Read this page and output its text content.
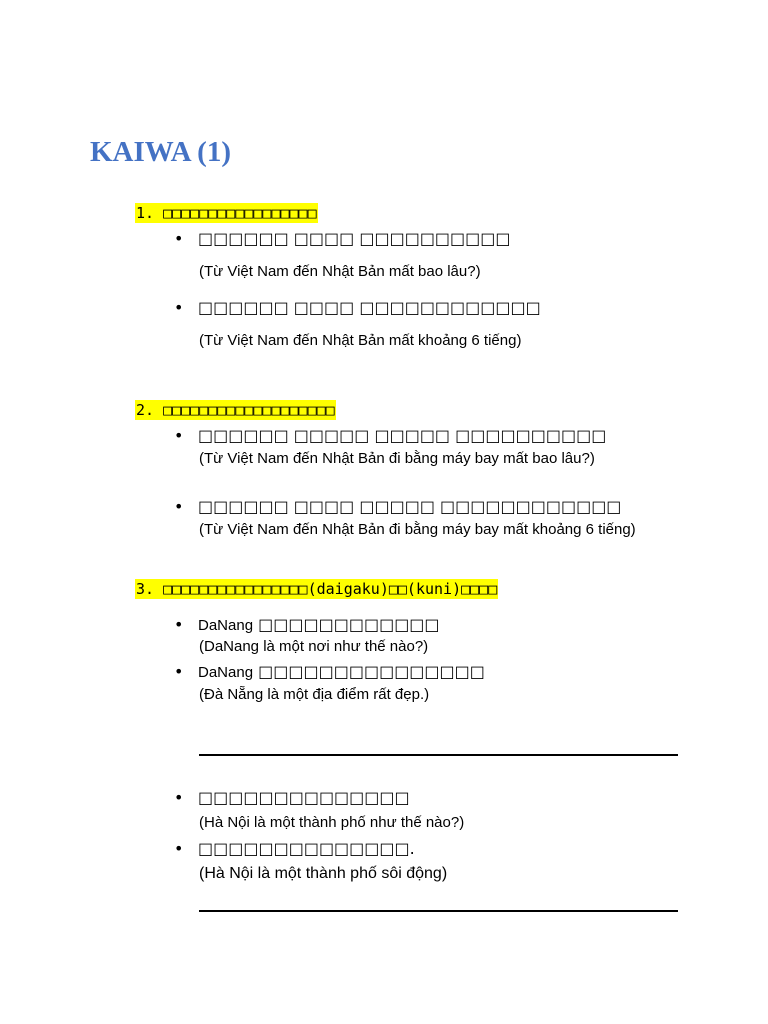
KAIWA (1)
1. □□□□□□□□□□□□□□□□□
• □□□□□□ □□□□ □□□□□□□□□□
(Từ Việt Nam đến Nhật Bản mất bao lâu?)
• □□□□□□ □□□□ □□□□□□□□□□□□
(Từ Việt Nam đến Nhật Bản mất khoảng 6 tiếng)
2. □□□□□□□□□□□□□□□□□□□
• □□□□□□ □□□□□ □□□□□ □□□□□□□□□□
(Từ Việt Nam đến Nhật Bản đi bằng máy bay mất bao lâu?)
• □□□□□□ □□□□ □□□□□ □□□□□□□□□□□□
(Từ Việt Nam đến Nhật Bản đi bằng máy bay mất khoảng 6 tiếng)
3. □□□□□□□□□□□□□□□□(daigaku)□□(kuni)□□□□
• DaNang □□□□□□□□□□□□
(DaNang là một nơi như thế nào?)
• DaNang □□□□□□□□□□□□□□□
(Đà Nẵng là một địa điểm rất đẹp.)
• □□□□□□□□□□□□□□
(Hà Nội là một thành phố như thế nào?)
• □□□□□□□□□□□□□□.
(Hà Nội là một thành phố sôi động)
